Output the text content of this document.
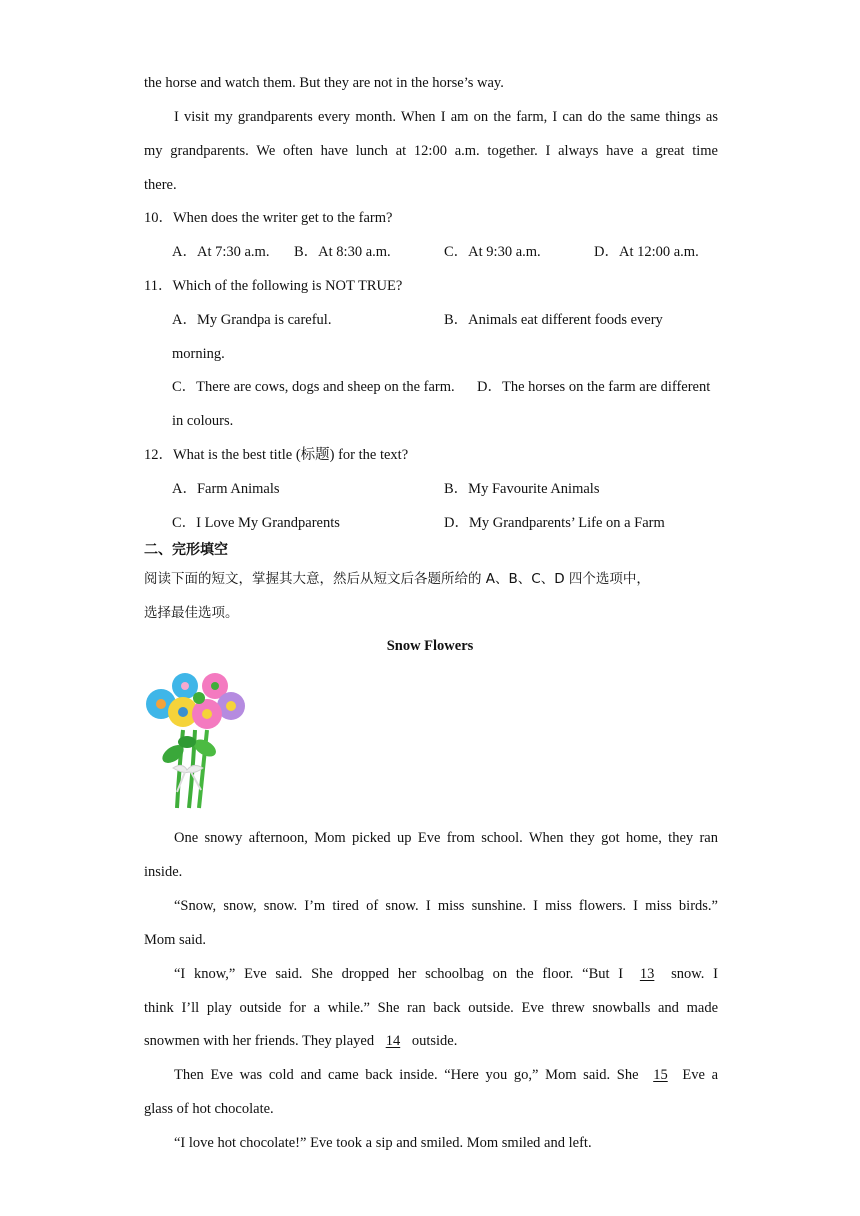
the horse and watch them. But they are not in the horse’s way.
I visit my grandparents every month. When I am on the farm, I can do the same things as
my grandparents. We often have lunch at 12:00 a.m. together. I always have a great time
there.
10．When does the writer get to the farm?
A．At 7:30 a.m. B．At 8:30 a.m.	C．At 9:30 a.m.	D．At 12:00 a.m.
11．Which of the following is NOT TRUE?
A．My Grandpa is careful.	B．Animals eat different foods every
morning.
C．There are cows, dogs and sheep on the farm. D．The horses on the farm are different
in colours.
12．What is the best title (标题) for the text?
A．Farm Animals	B．My Favourite Animals
C．I Love My Grandparents	D．My Grandparents’ Life on a Farm
二、完形填空
阅读下面的短文，掌握其大意，然后从短文后各题所给的 A、B、C、D 四个选项中，
选择最佳选项。
Snow Flowers
One snowy afternoon, Mom picked up Eve from school. When they got home, they ran
inside.
“Snow, snow, snow. I’m tired of snow. I miss sunshine. I miss flowers. I miss birds.”
Mom said.
“I know,” Eve said. She dropped her schoolbag on the floor. “But I 13 snow. I
think I’ll play outside for a while.” She ran back outside. Eve threw snowballs and made
snowmen with her friends. They played 14 outside.
Then Eve was cold and came back inside. “Here you go,” Mom said. She 15 Eve a
glass of hot chocolate.
“I love hot chocolate!” Eve took a sip and smiled. Mom smiled and left.
